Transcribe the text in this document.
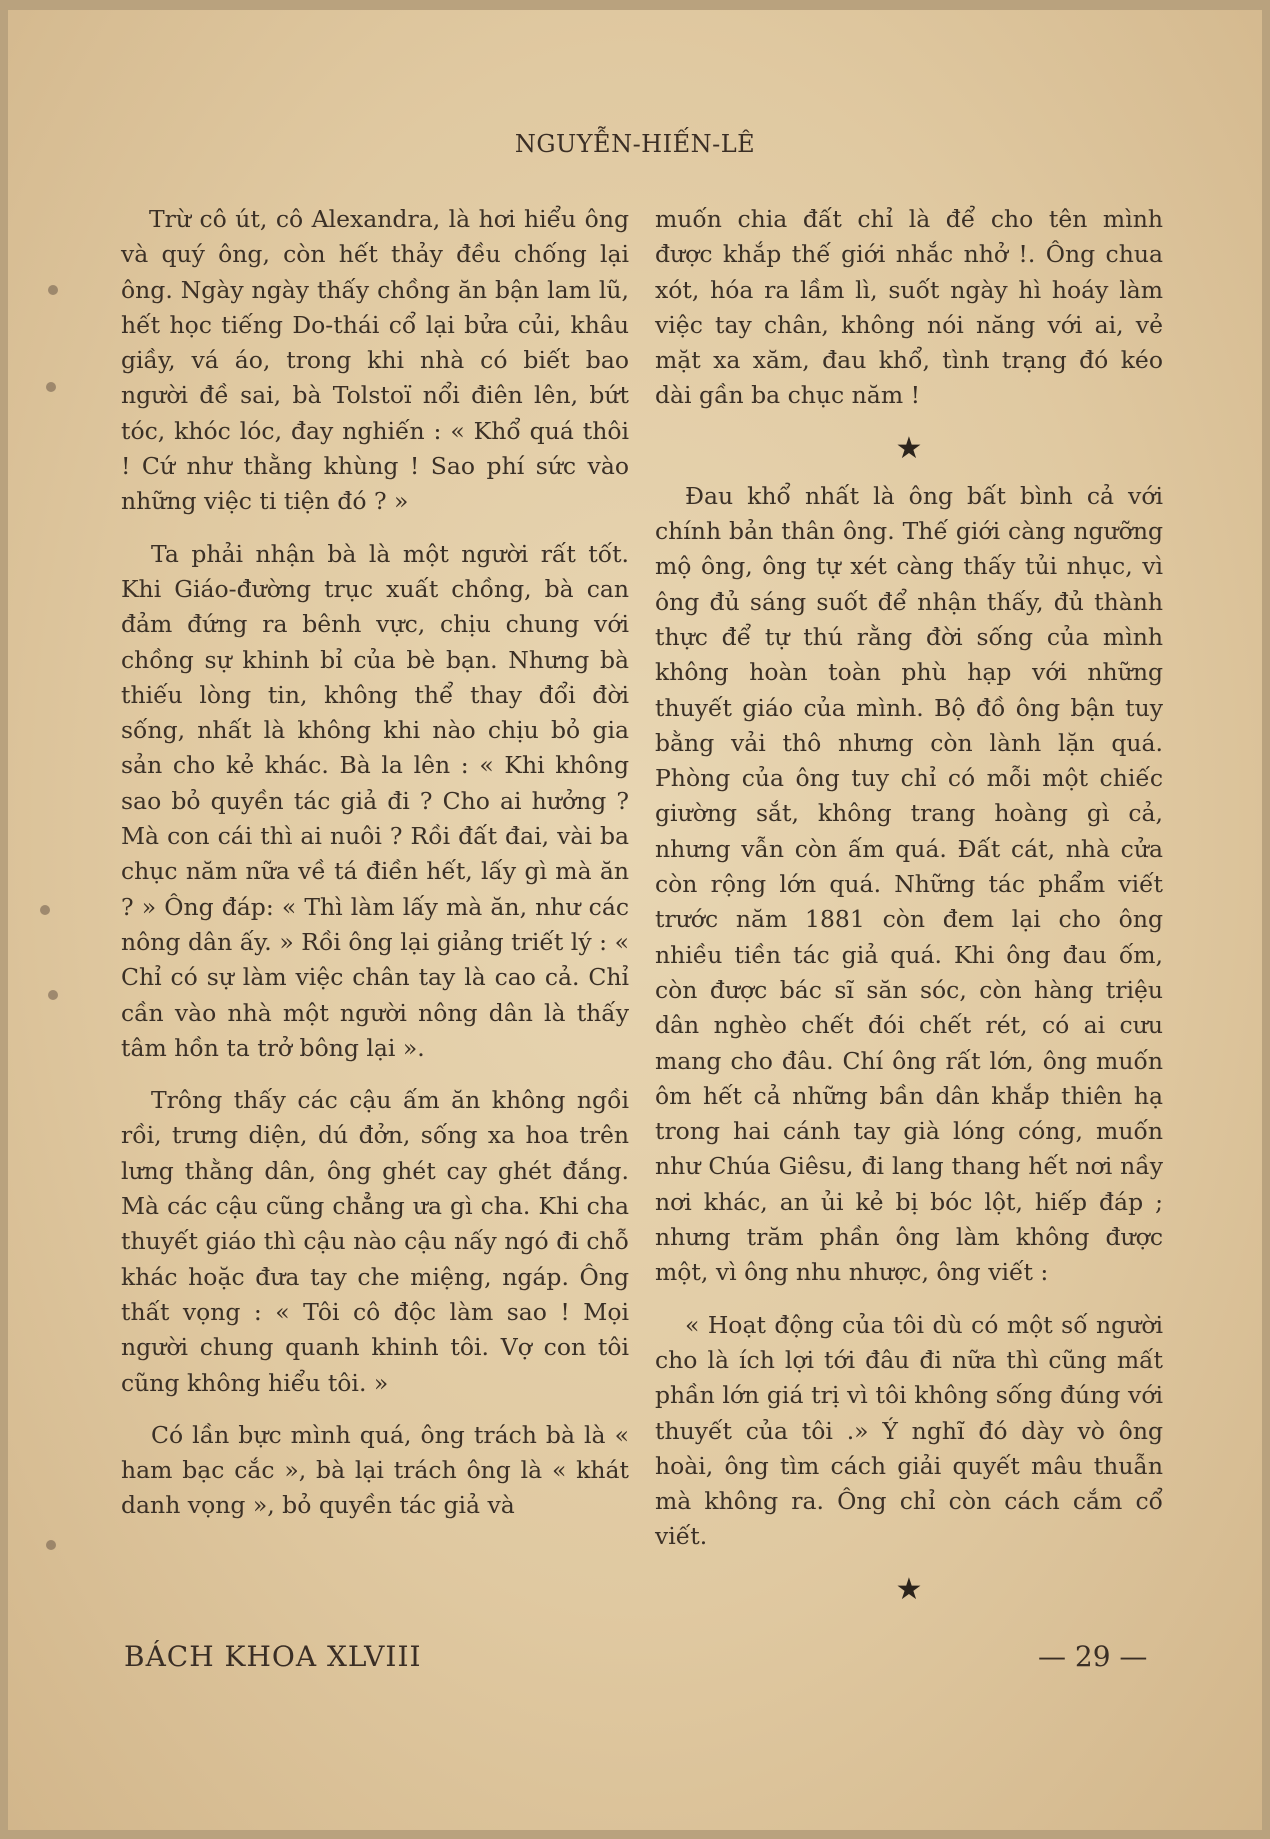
NGUYỄN-HIẾN-LÊ

Trừ cô út, cô Alexandra, là hơi hiểu ông và quý ông, còn hết thảy đều chống lại ông. Ngày ngày thấy chồng ăn bận lam lũ, hết học tiếng Do-thái cổ lại bửa củi, khâu giầy, vá áo, trong khi nhà có biết bao người đề sai, bà Tolstoï nổi điên lên, bứt tóc, khóc lóc, đay nghiến : « Khổ quá thôi ! Cứ như thằng khùng ! Sao phí sức vào những việc ti tiện đó ? »

Ta phải nhận bà là một người rất tốt. Khi Giáo-đường trục xuất chồng, bà can đảm đứng ra bênh vực, chịu chung với chồng sự khinh bỉ của bè bạn. Nhưng bà thiếu lòng tin, không thể thay đổi đời sống, nhất là không khi nào chịu bỏ gia sản cho kẻ khác. Bà la lên : « Khi không sao bỏ quyền tác giả đi ? Cho ai hưởng ? Mà con cái thì ai nuôi ? Rồi đất đai, vài ba chục năm nữa về tá điền hết, lấy gì mà ăn ? » Ông đáp: « Thì làm lấy mà ăn, như các nông dân ấy. » Rồi ông lại giảng triết lý : « Chỉ có sự làm việc chân tay là cao cả. Chỉ cần vào nhà một người nông dân là thấy tâm hồn ta trở bông lại ».

Trông thấy các cậu ấm ăn không ngồi rồi, trưng diện, dú đởn, sống xa hoa trên lưng thằng dân, ông ghét cay ghét đắng. Mà các cậu cũng chẳng ưa gì cha. Khi cha thuyết giáo thì cậu nào cậu nấy ngó đi chỗ khác hoặc đưa tay che miệng, ngáp. Ông thất vọng : « Tôi cô độc làm sao ! Mọi người chung quanh khinh tôi. Vợ con tôi cũng không hiểu tôi. »

Có lần bực mình quá, ông trách bà là « ham bạc cắc », bà lại trách ông là « khát danh vọng », bỏ quyền tác giả và

muốn chia đất chỉ là để cho tên mình được khắp thế giới nhắc nhở !. Ông chua xót, hóa ra lầm lì, suốt ngày hì hoáy làm việc tay chân, không nói năng với ai, vẻ mặt xa xăm, đau khổ, tình trạng đó kéo dài gần ba chục năm !

★

Đau khổ nhất là ông bất bình cả với chính bản thân ông. Thế giới càng ngưỡng mộ ông, ông tự xét càng thấy tủi nhục, vì ông đủ sáng suốt để nhận thấy, đủ thành thực để tự thú rằng đời sống của mình không hoàn toàn phù hạp với những thuyết giáo của mình. Bộ đồ ông bận tuy bằng vải thô nhưng còn lành lặn quá. Phòng của ông tuy chỉ có mỗi một chiếc giường sắt, không trang hoàng gì cả, nhưng vẫn còn ấm quá. Đất cát, nhà cửa còn rộng lớn quá. Những tác phẩm viết trước năm 1881 còn đem lại cho ông nhiều tiền tác giả quá. Khi ông đau ốm, còn được bác sĩ săn sóc, còn hàng triệu dân nghèo chết đói chết rét, có ai cưu mang cho đâu. Chí ông rất lớn, ông muốn ôm hết cả những bần dân khắp thiên hạ trong hai cánh tay già lóng cóng, muốn như Chúa Giêsu, đi lang thang hết nơi nầy nơi khác, an ủi kẻ bị bóc lột, hiếp đáp ; nhưng trăm phần ông làm không được một, vì ông nhu nhược, ông viết :

« Hoạt động của tôi dù có một số người cho là ích lợi tới đâu đi nữa thì cũng mất phần lớn giá trị vì tôi không sống đúng với thuyết của tôi .» Ý nghĩ đó dày vò ông hoài, ông tìm cách giải quyết mâu thuẫn mà không ra. Ông chỉ còn cách cắm cổ viết.

★
BÁCH KHOA XLVIII	— 29 —
